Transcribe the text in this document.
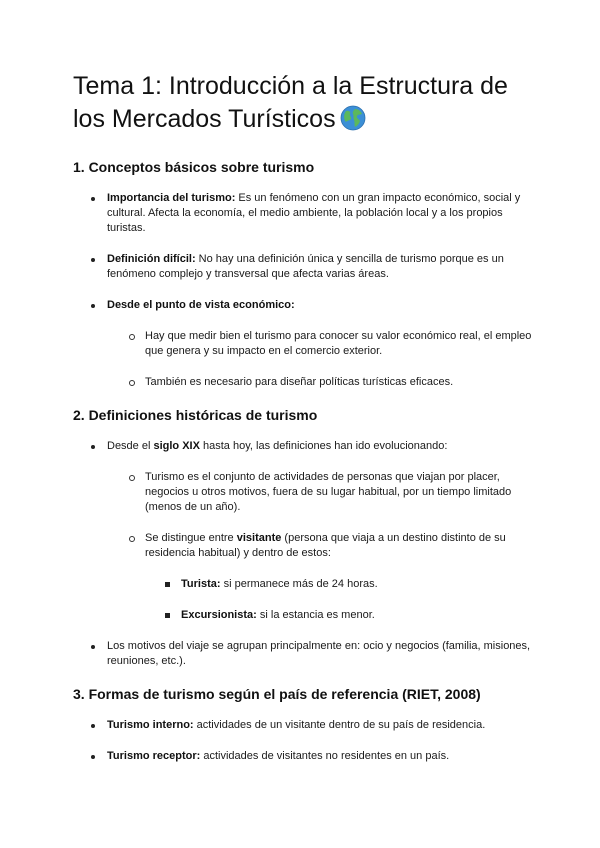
Tema 1: Introducción a la Estructura de los Mercados Turísticos
1. Conceptos básicos sobre turismo
Importancia del turismo: Es un fenómeno con un gran impacto económico, social y cultural. Afecta la economía, el medio ambiente, la población local y a los propios turistas.
Definición difícil: No hay una definición única y sencilla de turismo porque es un fenómeno complejo y transversal que afecta varias áreas.
Desde el punto de vista económico:
Hay que medir bien el turismo para conocer su valor económico real, el empleo que genera y su impacto en el comercio exterior.
También es necesario para diseñar políticas turísticas eficaces.
2. Definiciones históricas de turismo
Desde el siglo XIX hasta hoy, las definiciones han ido evolucionando:
Turismo es el conjunto de actividades de personas que viajan por placer, negocios u otros motivos, fuera de su lugar habitual, por un tiempo limitado (menos de un año).
Se distingue entre visitante (persona que viaja a un destino distinto de su residencia habitual) y dentro de estos:
Turista: si permanece más de 24 horas.
Excursionista: si la estancia es menor.
Los motivos del viaje se agrupan principalmente en: ocio y negocios (familia, misiones, reuniones, etc.).
3. Formas de turismo según el país de referencia (RIET, 2008)
Turismo interno: actividades de un visitante dentro de su país de residencia.
Turismo receptor: actividades de visitantes no residentes en un país.
